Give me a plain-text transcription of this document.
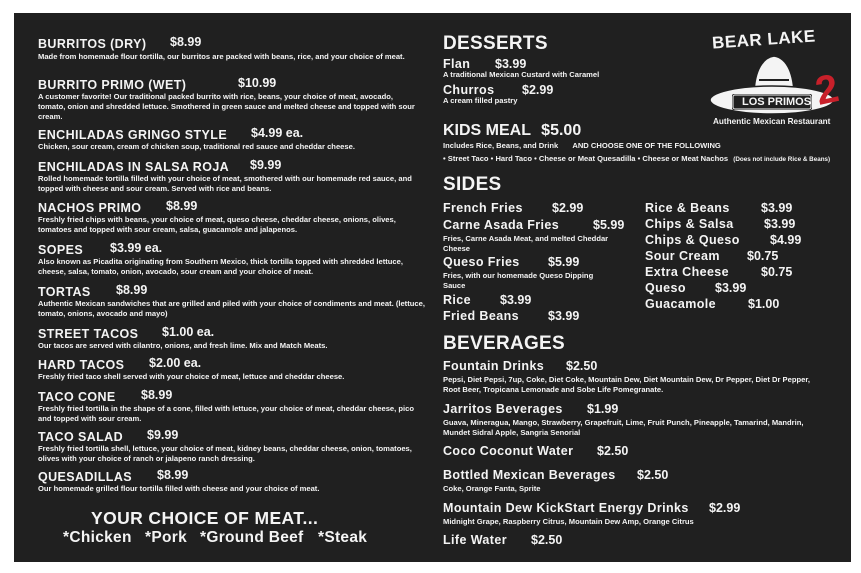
BURRITOS (DRY) $8.99
Made from homemade flour tortilla, our burritos are packed with beans, rice, and your choice of meat.
BURRITO PRIMO (WET)	$10.99
A customer favorite! Our traditional packed burrito with rice, beans, your choice of meat, avocado, tomato, onion and shredded lettuce. Smothered in green sauce and melted cheese and topped with sour cream.
ENCHILADAS GRINGO STYLE $4.99 ea.
Chicken, sour cream, cream of chicken soup, traditional red sauce and cheddar cheese.
ENCHILADAS IN SALSA ROJA $9.99
Rolled homemade tortilla filled with your choice of meat, smothered with our homemade red sauce, and topped with cheese and sour cream. Served with rice and beans.
NACHOS PRIMO $8.99
Freshly fried chips with beans, your choice of meat, queso cheese, cheddar cheese, onions, olives, tomatoes and topped with sour cream, salsa, guacamole and jalapenos.
SOPES $3.99 ea.
Also known as Picadita originating from Southern Mexico, thick tortilla topped with shredded lettuce, cheese, salsa, tomato, onion, avocado, sour cream and your choice of meat.
TORTAS $8.99
Authentic Mexican sandwiches that are grilled and piled with your choice of condiments and meat. (lettuce, tomato, onions, avocado and mayo)
STREET TACOS $1.00 ea.
Our tacos are served with cilantro, onions, and fresh lime. Mix and Match Meats.
HARD TACOS $2.00 ea.
Freshly fried taco shell served with your choice of meat, lettuce and cheddar cheese.
TACO CONE $8.99
Freshly fried tortilla in the shape of a cone, filled with lettuce, your choice of meat, cheddar cheese, pico and topped with sour cream.
TACO SALAD $9.99
Freshly fried tortilla shell, lettuce, your choice of meat, kidney beans, cheddar cheese, onion, tomatoes, olives with your choice of ranch or jalapeno ranch dressing.
QUESADILLAS $8.99
Our homemade grilled flour tortilla filled with cheese and your choice of meat.
YOUR CHOICE OF MEAT...
*Chicken *Pork *Ground Beef *Steak
DESSERTS
Flan $3.99
A traditional Mexican Custard with Caramel
Churros $2.99
A cream filled pastry
KIDS MEAL $5.00
Includes Rice, Beans, and Drink AND CHOOSE ONE OF THE FOLLOWING
• Street Taco • Hard Taco • Cheese or Meat Quesadilla • Cheese or Meat Nachos (Does not include Rice & Beans)
SIDES
French Fries $2.99
Carne Asada Fries	$5.99
Fries, Carne Asada Meat, and melted Cheddar Cheese
Queso Fries $5.99
Fries, with our homemade Queso Dipping Sauce
Rice $3.99
Fried Beans $3.99
Rice & Beans	$3.99
Chips & Salsa $3.99
Chips & Queso $4.99
Sour Cream $0.75
Extra Cheese	$0.75
Queso $3.99
Guacamole	$1.00
BEVERAGES
Fountain Drinks $2.50
Pepsi, Diet Pepsi, 7up, Coke, Diet Coke, Mountain Dew, Diet Mountain Dew, Dr Pepper, Diet Dr Pepper, Root Beer, Tropicana Lemonade and Sobe Life Pomegranate.
Jarritos Beverages $1.99
Guava, Mineragua, Mango, Strawberry, Grapefruit, Lime, Fruit Punch, Pineapple, Tamarind, Mandrin, Mundet Sidral Apple, Sangria Senorial
Coco Coconut Water $2.50
Bottled Mexican Beverages $2.50
Coke, Orange Fanta, Sprite
Mountain Dew KickStart Energy Drinks $2.99
Midnight Grape, Raspberry Citrus, Mountain Dew Amp, Orange Citrus
Life Water $2.50
BEAR LAKE
LOS PRIMOS 2
Authentic Mexican Restaurant
